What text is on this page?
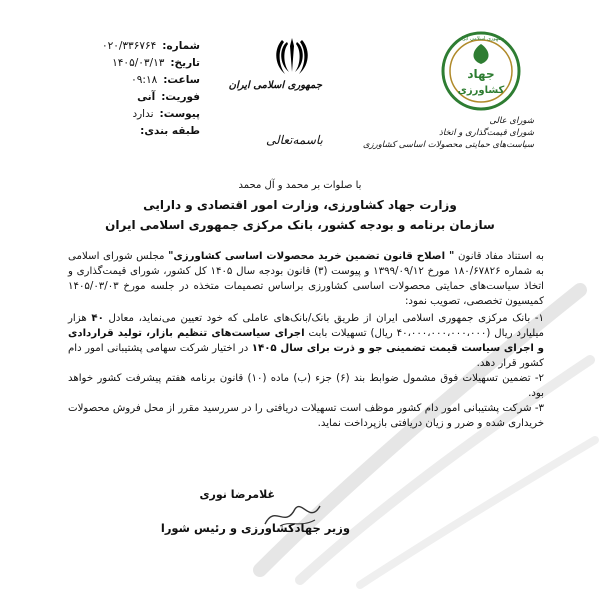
شماره:
۰۲۰/۳۳۶۷۶۴
تاریخ:
۱۴۰۵/۰۳/۱۳
ساعت:
۰۹:۱۸
فوریت:
آنی
پیوست:
ندارد
طبقه بندی:
جمهوری اسلامی ایران
باسمه‌تعالی
جهاد
کشاورزی
جمهوری اسلامی ایران
شورای عالی
شورای قیمت‌گذاری و اتخاذ
سیاست‌های حمایتی محصولات اساسی کشاورزی
با صلوات بر محمد و آل محمد
وزارت جهاد کشاورزی، وزارت امور اقتصادی و دارایی
سازمان برنامه و بودجه کشور، بانک مرکزی جمهوری اسلامی ایران

به استناد مفاد قانون " اصلاح قانون تضمین خرید محصولات اساسی کشاورزی" مجلس شورای اسلامی به شماره ۱۸۰/۶۷۸۲۶ مورخ ۱۳۹۹/۰۹/۱۲ و پیوست (۳) قانون بودجه سال ۱۴۰۵ کل کشور، شورای قیمت‌گذاری و اتخاذ سیاست‌های حمایتی محصولات اساسی کشاورزی براساس تصمیمات متخذه در جلسه مورخ ۱۴۰۵/۰۳/۰۳ کمیسیون تخصصی، تصویب نمود:

۱- بانک مرکزی جمهوری اسلامی ایران از طریق بانک/بانک‌های عاملی که خود تعیین می‌نماید، معادل ۴۰ هزار میلیارد ریال (۴۰،۰۰۰،۰۰۰،۰۰۰،۰۰۰ ریال) تسهیلات بابت اجرای سیاست‌های تنظیم بازار، تولید قراردادی و اجرای سیاست قیمت تضمینی جو و ذرت برای سال ۱۴۰۵ در اختیار شرکت سهامی پشتیبانی امور دام کشور قرار دهد.

۲- تضمین تسهیلات فوق مشمول ضوابط بند (۶) جزء (ب) ماده (۱۰) قانون برنامه هفتم پیشرفت کشور خواهد بود.

۳- شرکت پشتیبانی امور دام کشور موظف است تسهیلات دریافتی را در سررسید مقرر از محل فروش محصولات خریداری شده و ضرر و زیان دریافتی بازپرداخت نماید.

غلامرضا نوری
وزیر جهادکشاورزی و رئیس شورا
